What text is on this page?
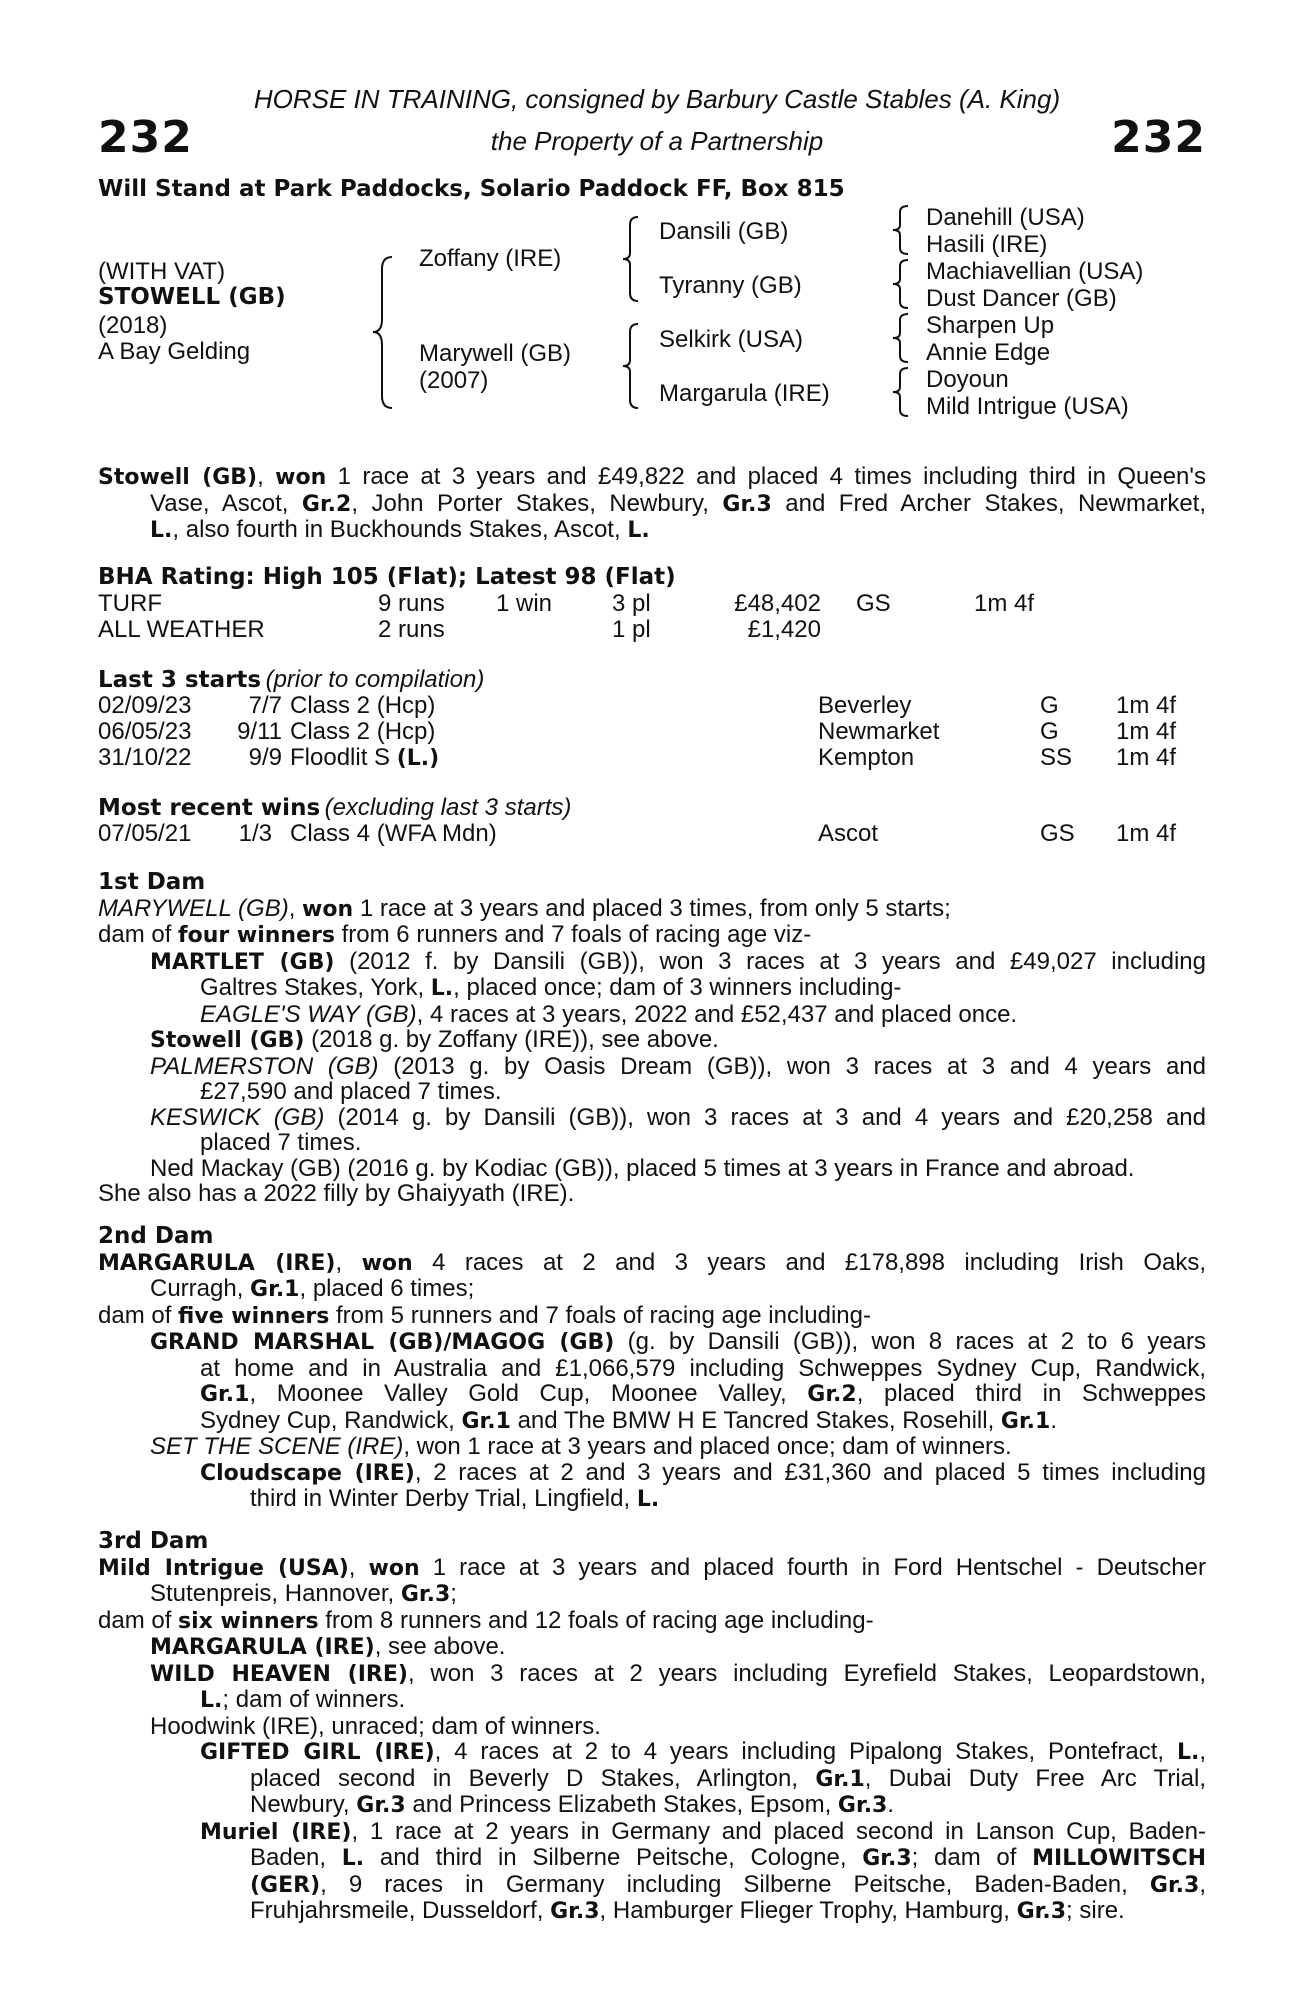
232	232
HORSE IN TRAINING, consigned by Barbury Castle Stables (A. King)
the Property of a Partnership
Will Stand at Park Paddocks, Solario Paddock FF, Box 815
(WITH VAT)
STOWELL (GB)
(2018)
A Bay Gelding
Zoffany (IRE)
Marywell (GB)
(2007)
Dansili (GB)
Tyranny (GB)
Selkirk (USA)
Margarula (IRE)
Danehill (USA)
Hasili (IRE)
Machiavellian (USA)
Dust Dancer (GB)
Sharpen Up
Annie Edge
Doyoun
Mild Intrigue (USA)
Stowell (GB), won 1 race at 3 years and £49,822 and placed 4 times including third in Queen's
Vase, Ascot, Gr.2, John Porter Stakes, Newbury, Gr.3 and Fred Archer Stakes, Newmarket,
L., also fourth in Buckhounds Stakes, Ascot, L.
BHA Rating: High 105 (Flat); Latest 98 (Flat)
TURF	9 runs 1 win 3 pl	£48,402 GS	1m 4f
ALL WEATHER	2 runs	1 pl	£1,420
Last 3 starts (prior to compilation)
02/09/23	7/7 Class 2 (Hcp)	Beverley	G 1m 4f
06/05/23	9/11 Class 2 (Hcp)	Newmarket	G 1m 4f
31/10/22	9/9 Floodlit S (L.)	Kempton	SS 1m 4f
Most recent wins (excluding last 3 starts)
07/05/21	1/3 Class 4 (WFA Mdn)	Ascot	GS 1m 4f
1st Dam
MARYWELL (GB), won 1 race at 3 years and placed 3 times, from only 5 starts;
dam of four winners from 6 runners and 7 foals of racing age viz-
MARTLET (GB) (2012 f. by Dansili (GB)), won 3 races at 3 years and £49,027 including
Galtres Stakes, York, L., placed once; dam of 3 winners including-
EAGLE'S WAY (GB), 4 races at 3 years, 2022 and £52,437 and placed once.
Stowell (GB) (2018 g. by Zoffany (IRE)), see above.
PALMERSTON (GB) (2013 g. by Oasis Dream (GB)), won 3 races at 3 and 4 years and
£27,590 and placed 7 times.
KESWICK (GB) (2014 g. by Dansili (GB)), won 3 races at 3 and 4 years and £20,258 and
placed 7 times.
Ned Mackay (GB) (2016 g. by Kodiac (GB)), placed 5 times at 3 years in France and abroad.
She also has a 2022 filly by Ghaiyyath (IRE).
2nd Dam
MARGARULA (IRE), won 4 races at 2 and 3 years and £178,898 including Irish Oaks,
Curragh, Gr.1, placed 6 times;
dam of five winners from 5 runners and 7 foals of racing age including-
GRAND MARSHAL (GB)/MAGOG (GB) (g. by Dansili (GB)), won 8 races at 2 to 6 years
at home and in Australia and £1,066,579 including Schweppes Sydney Cup, Randwick,
Gr.1, Moonee Valley Gold Cup, Moonee Valley, Gr.2, placed third in Schweppes
Sydney Cup, Randwick, Gr.1 and The BMW H E Tancred Stakes, Rosehill, Gr.1.
SET THE SCENE (IRE), won 1 race at 3 years and placed once; dam of winners.
Cloudscape (IRE), 2 races at 2 and 3 years and £31,360 and placed 5 times including
third in Winter Derby Trial, Lingfield, L.
3rd Dam
Mild Intrigue (USA), won 1 race at 3 years and placed fourth in Ford Hentschel - Deutscher
Stutenpreis, Hannover, Gr.3;
dam of six winners from 8 runners and 12 foals of racing age including-
MARGARULA (IRE), see above.
WILD HEAVEN (IRE), won 3 races at 2 years including Eyrefield Stakes, Leopardstown,
L.; dam of winners.
Hoodwink (IRE), unraced; dam of winners.
GIFTED GIRL (IRE), 4 races at 2 to 4 years including Pipalong Stakes, Pontefract, L.,
placed second in Beverly D Stakes, Arlington, Gr.1, Dubai Duty Free Arc Trial,
Newbury, Gr.3 and Princess Elizabeth Stakes, Epsom, Gr.3.
Muriel (IRE), 1 race at 2 years in Germany and placed second in Lanson Cup, Baden-
Baden, L. and third in Silberne Peitsche, Cologne, Gr.3; dam of MILLOWITSCH
(GER), 9 races in Germany including Silberne Peitsche, Baden-Baden, Gr.3,
Fruhjahrsmeile, Dusseldorf, Gr.3, Hamburger Flieger Trophy, Hamburg, Gr.3; sire.
